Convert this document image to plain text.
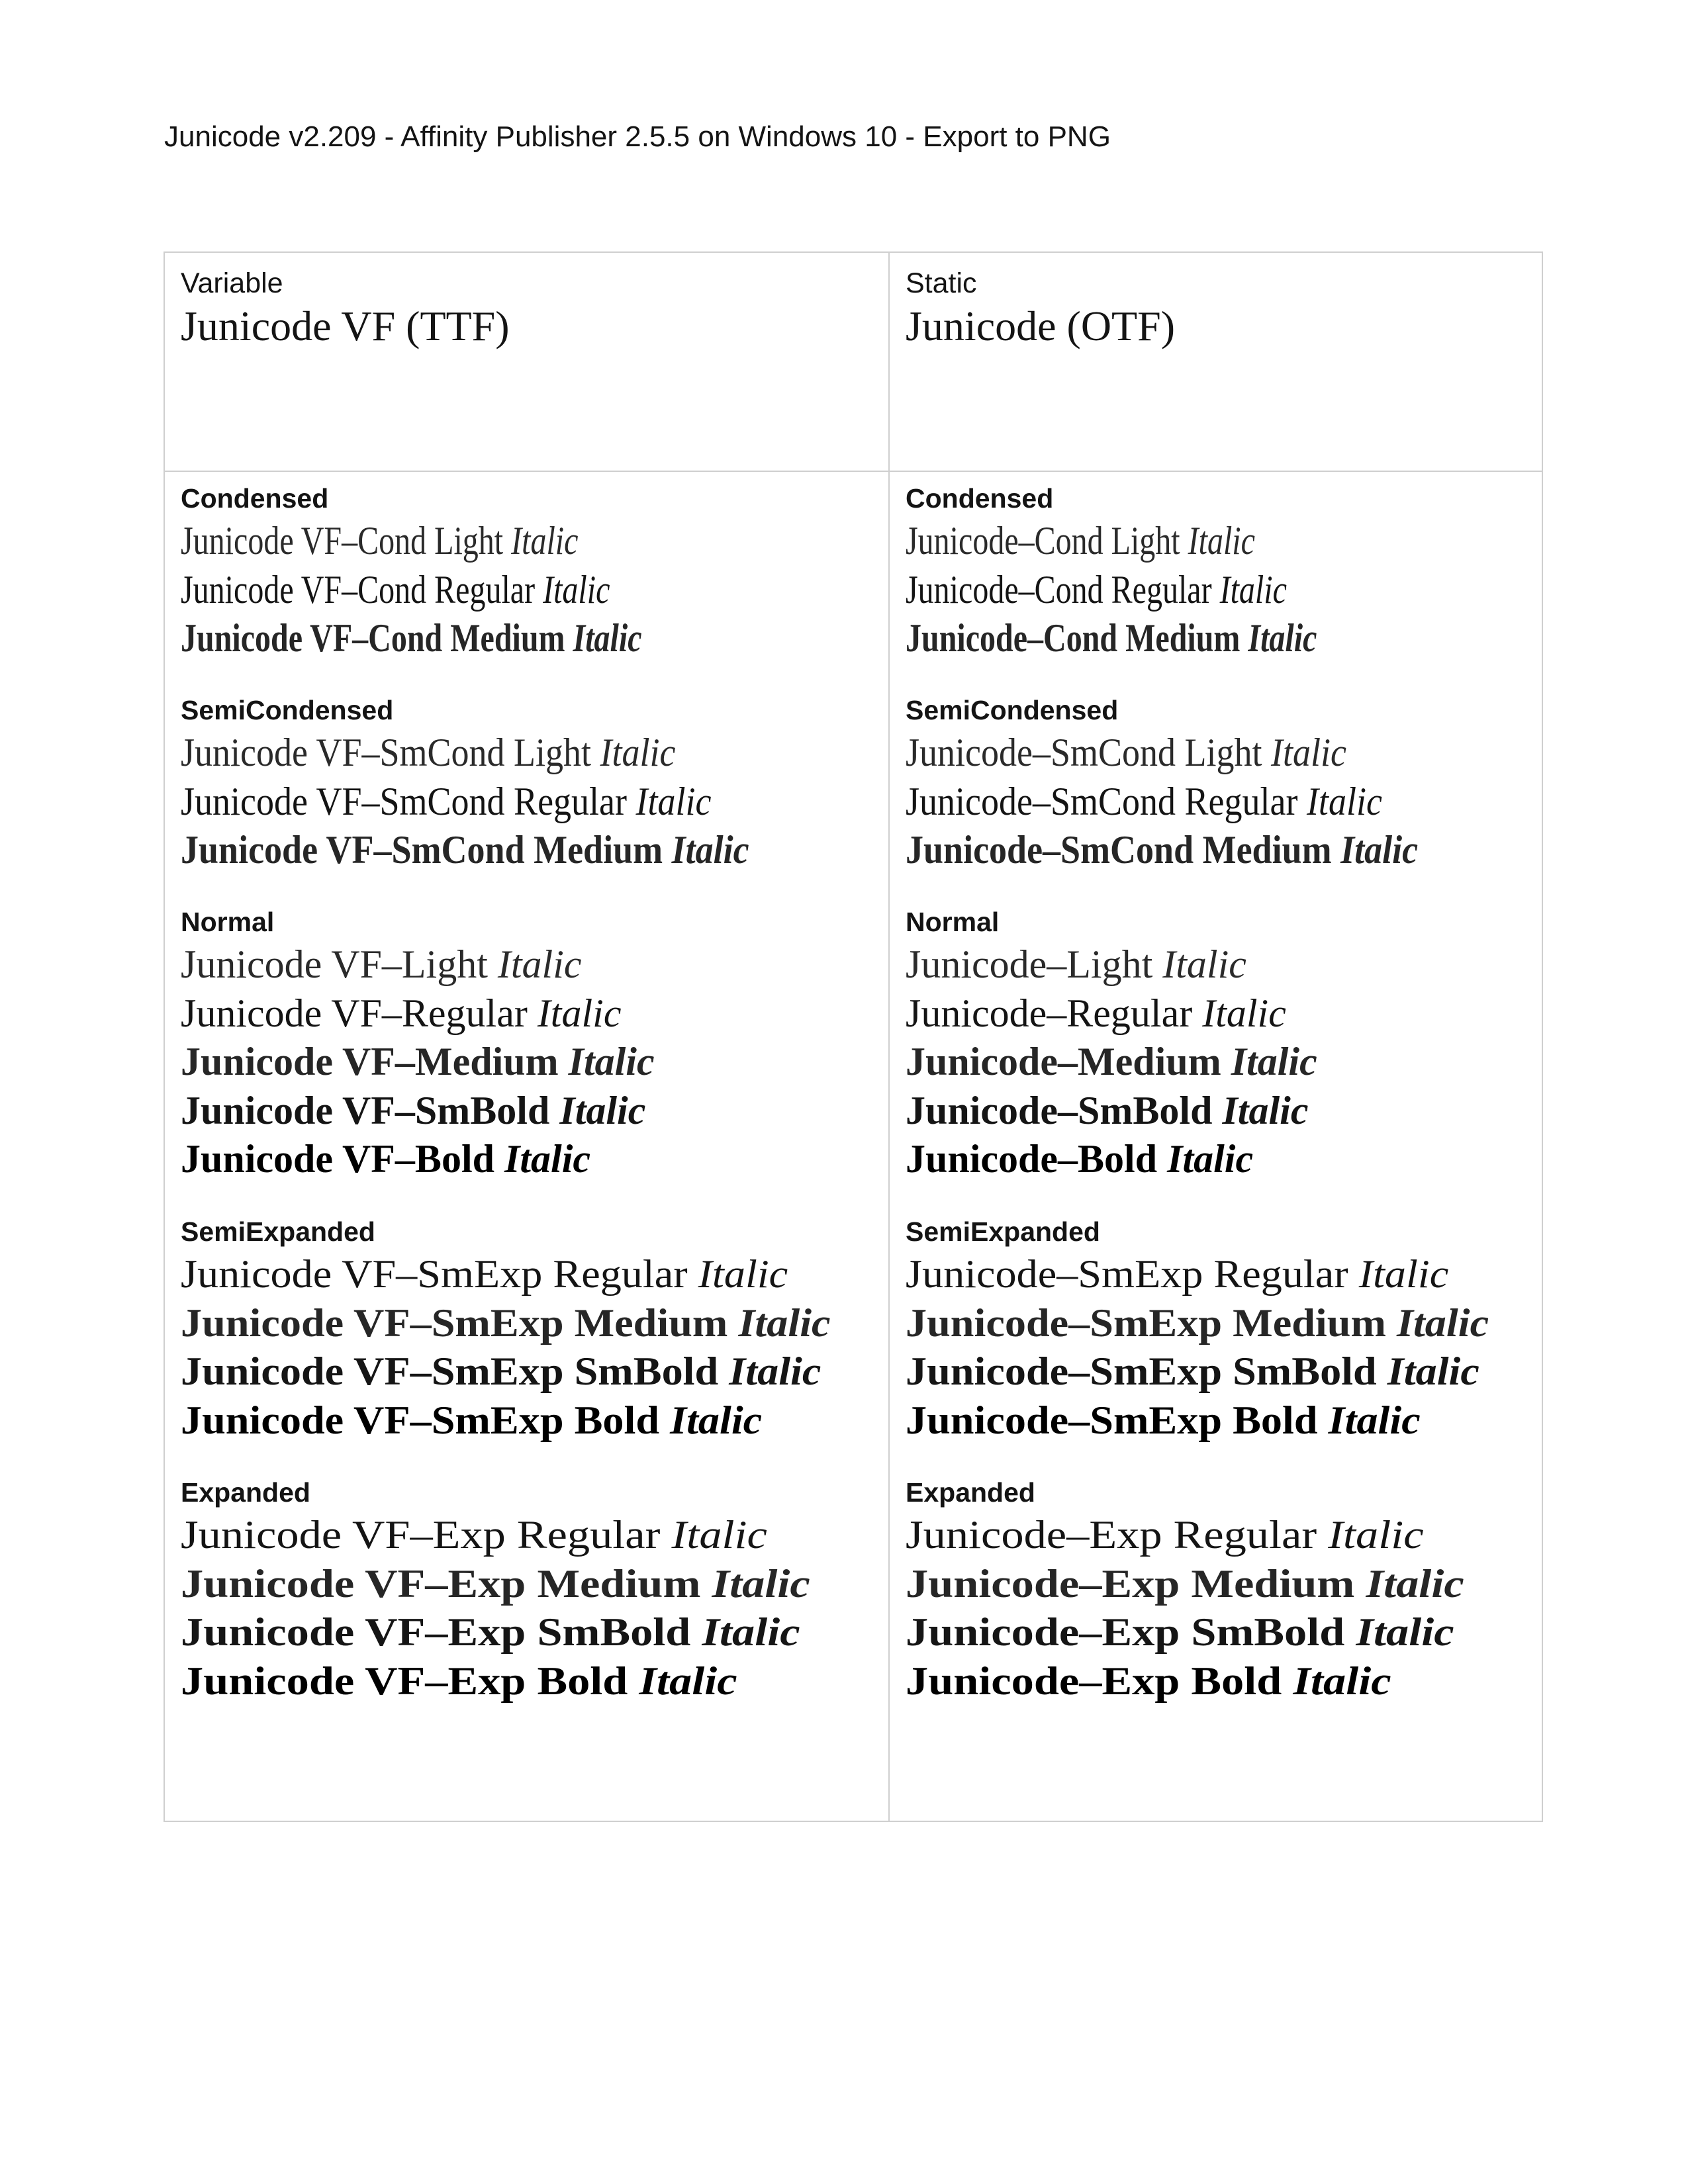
Junicode v2.209 - Affinity Publisher 2.5.5 on Windows 10 - Export to PNG
Variable
Junicode VF (TTF)
Static
Junicode (OTF)
Condensed
Junicode VF–Cond Light Italic
Junicode VF–Cond Regular Italic
Junicode VF–Cond Medium Italic
SemiCondensed
Junicode VF–SmCond Light Italic
Junicode VF–SmCond Regular Italic
Junicode VF–SmCond Medium Italic
Normal
Junicode VF–Light Italic
Junicode VF–Regular Italic
Junicode VF–Medium Italic
Junicode VF–SmBold Italic
Junicode VF–Bold Italic
SemiExpanded
Junicode VF–SmExp Regular Italic
Junicode VF–SmExp Medium Italic
Junicode VF–SmExp SmBold Italic
Junicode VF–SmExp Bold Italic
Expanded
Junicode VF–Exp Regular Italic
Junicode VF–Exp Medium Italic
Junicode VF–Exp SmBold Italic
Junicode VF–Exp Bold Italic
Condensed
Junicode–Cond Light Italic
Junicode–Cond Regular Italic
Junicode–Cond Medium Italic
SemiCondensed
Junicode–SmCond Light Italic
Junicode–SmCond Regular Italic
Junicode–SmCond Medium Italic
Normal
Junicode–Light Italic
Junicode–Regular Italic
Junicode–Medium Italic
Junicode–SmBold Italic
Junicode–Bold Italic
SemiExpanded
Junicode–SmExp Regular Italic
Junicode–SmExp Medium Italic
Junicode–SmExp SmBold Italic
Junicode–SmExp Bold Italic
Expanded
Junicode–Exp Regular Italic
Junicode–Exp Medium Italic
Junicode–Exp SmBold Italic
Junicode–Exp Bold Italic
